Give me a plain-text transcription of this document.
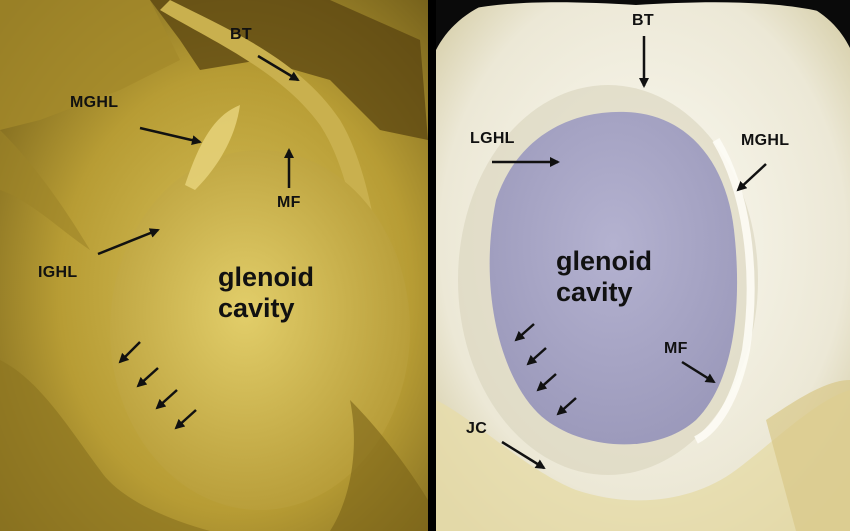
BT
MGHL
MF
IGHL	glenoid
cavity
BT
LGHL	MGHL
MF
JC
glenoid
cavity
